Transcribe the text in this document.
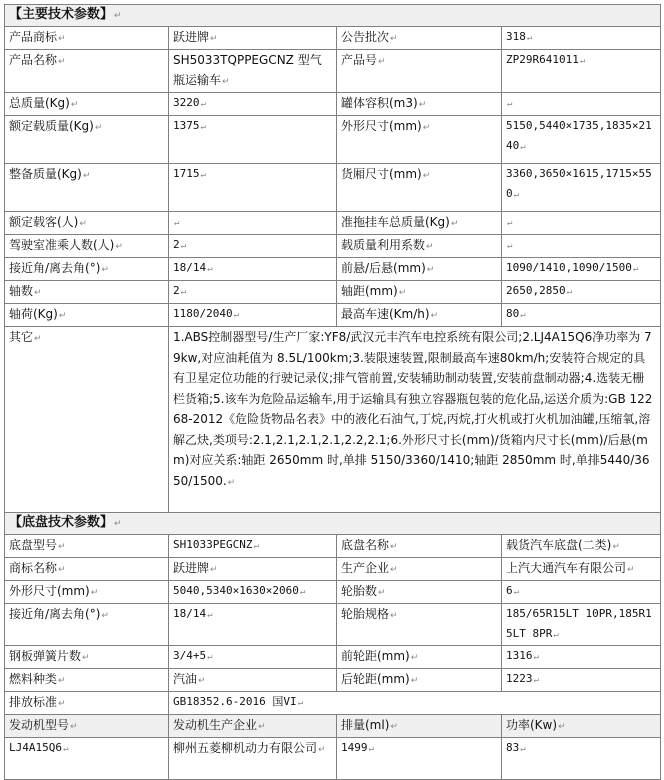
【主要技术参数】↵			
产品商标↵	跃进牌↵	公告批次↵	318↵
产品名称↵	SH5033TQPPEGCNZ 型气瓶运输车↵	产品号↵	ZP29R641011↵
总质量(Kg)↵	3220↵	罐体容积(m3)↵	↵
额定载质量(Kg)↵	1375↵	外形尺寸(mm)↵	5150,5440×1735,1835×2140↵
整备质量(Kg)↵	1715↵	货厢尺寸(mm)↵	3360,3650×1615,1715×550↵
额定载客(人)↵	↵	准拖挂车总质量(Kg)↵	↵
驾驶室准乘人数(人)↵	2↵	载质量利用系数↵	↵
接近角/离去角(°)↵	18/14↵	前悬/后悬(mm)↵	1090/1410,1090/1500↵
轴数↵	2↵	轴距(mm)↵	2650,2850↵
轴荷(Kg)↵	1180/2040↵	最高车速(Km/h)↵	80↵
其它↵	1.ABS控制器型号/生产厂家:YF8/武汉元丰汽车电控系统有限公司;2.LJ4A15Q6净功率为 79kw,对应油耗值为 8.5L/100km;3.装限速装置,限制最高车速80km/h;安装符合规定的具有卫星定位功能的行驶记录仪;排气管前置,安装辅助制动装置,安装前盘制动器;4.选装无栅栏货箱;5.该车为危险品运输车,用于运输具有独立容器瓶包装的危化品,运送介质为:GB 12268-2012《危险货物品名表》中的液化石油气,丁烷,丙烷,打火机或打火机加油罐,压缩氧,溶解乙炔,类项号:2.1,2.1,2.1,2.1,2.2,2.1;6.外形尺寸长(mm)/货箱内尺寸长(mm)/后悬(mm)对应关系:轴距 2650mm 时,单排 5150/3360/1410;轴距 2850mm 时,单排5440/3650/1500.↵		
【底盘技术参数】↵			
底盘型号↵	SH1033PEGCNZ↵	底盘名称↵	载货汽车底盘(二类)↵
商标名称↵	跃进牌↵	生产企业↵	上汽大通汽车有限公司↵
外形尺寸(mm)↵	5040,5340×1630×2060↵	轮胎数↵	6↵
接近角/离去角(°)↵	18/14↵	轮胎规格↵	185/65R15LT 10PR,185R15LT 8PR↵
钢板弹簧片数↵	3/4+5↵	前轮距(mm)↵	1316↵
燃料种类↵	汽油↵	后轮距(mm)↵	1223↵
排放标准↵	GB18352.6-2016 国VI↵		
发动机型号↵	发动机生产企业↵	排量(ml)↵	功率(Kw)↵
LJ4A15Q6↵	柳州五菱柳机动力有限公司↵	1499↵	83↵
